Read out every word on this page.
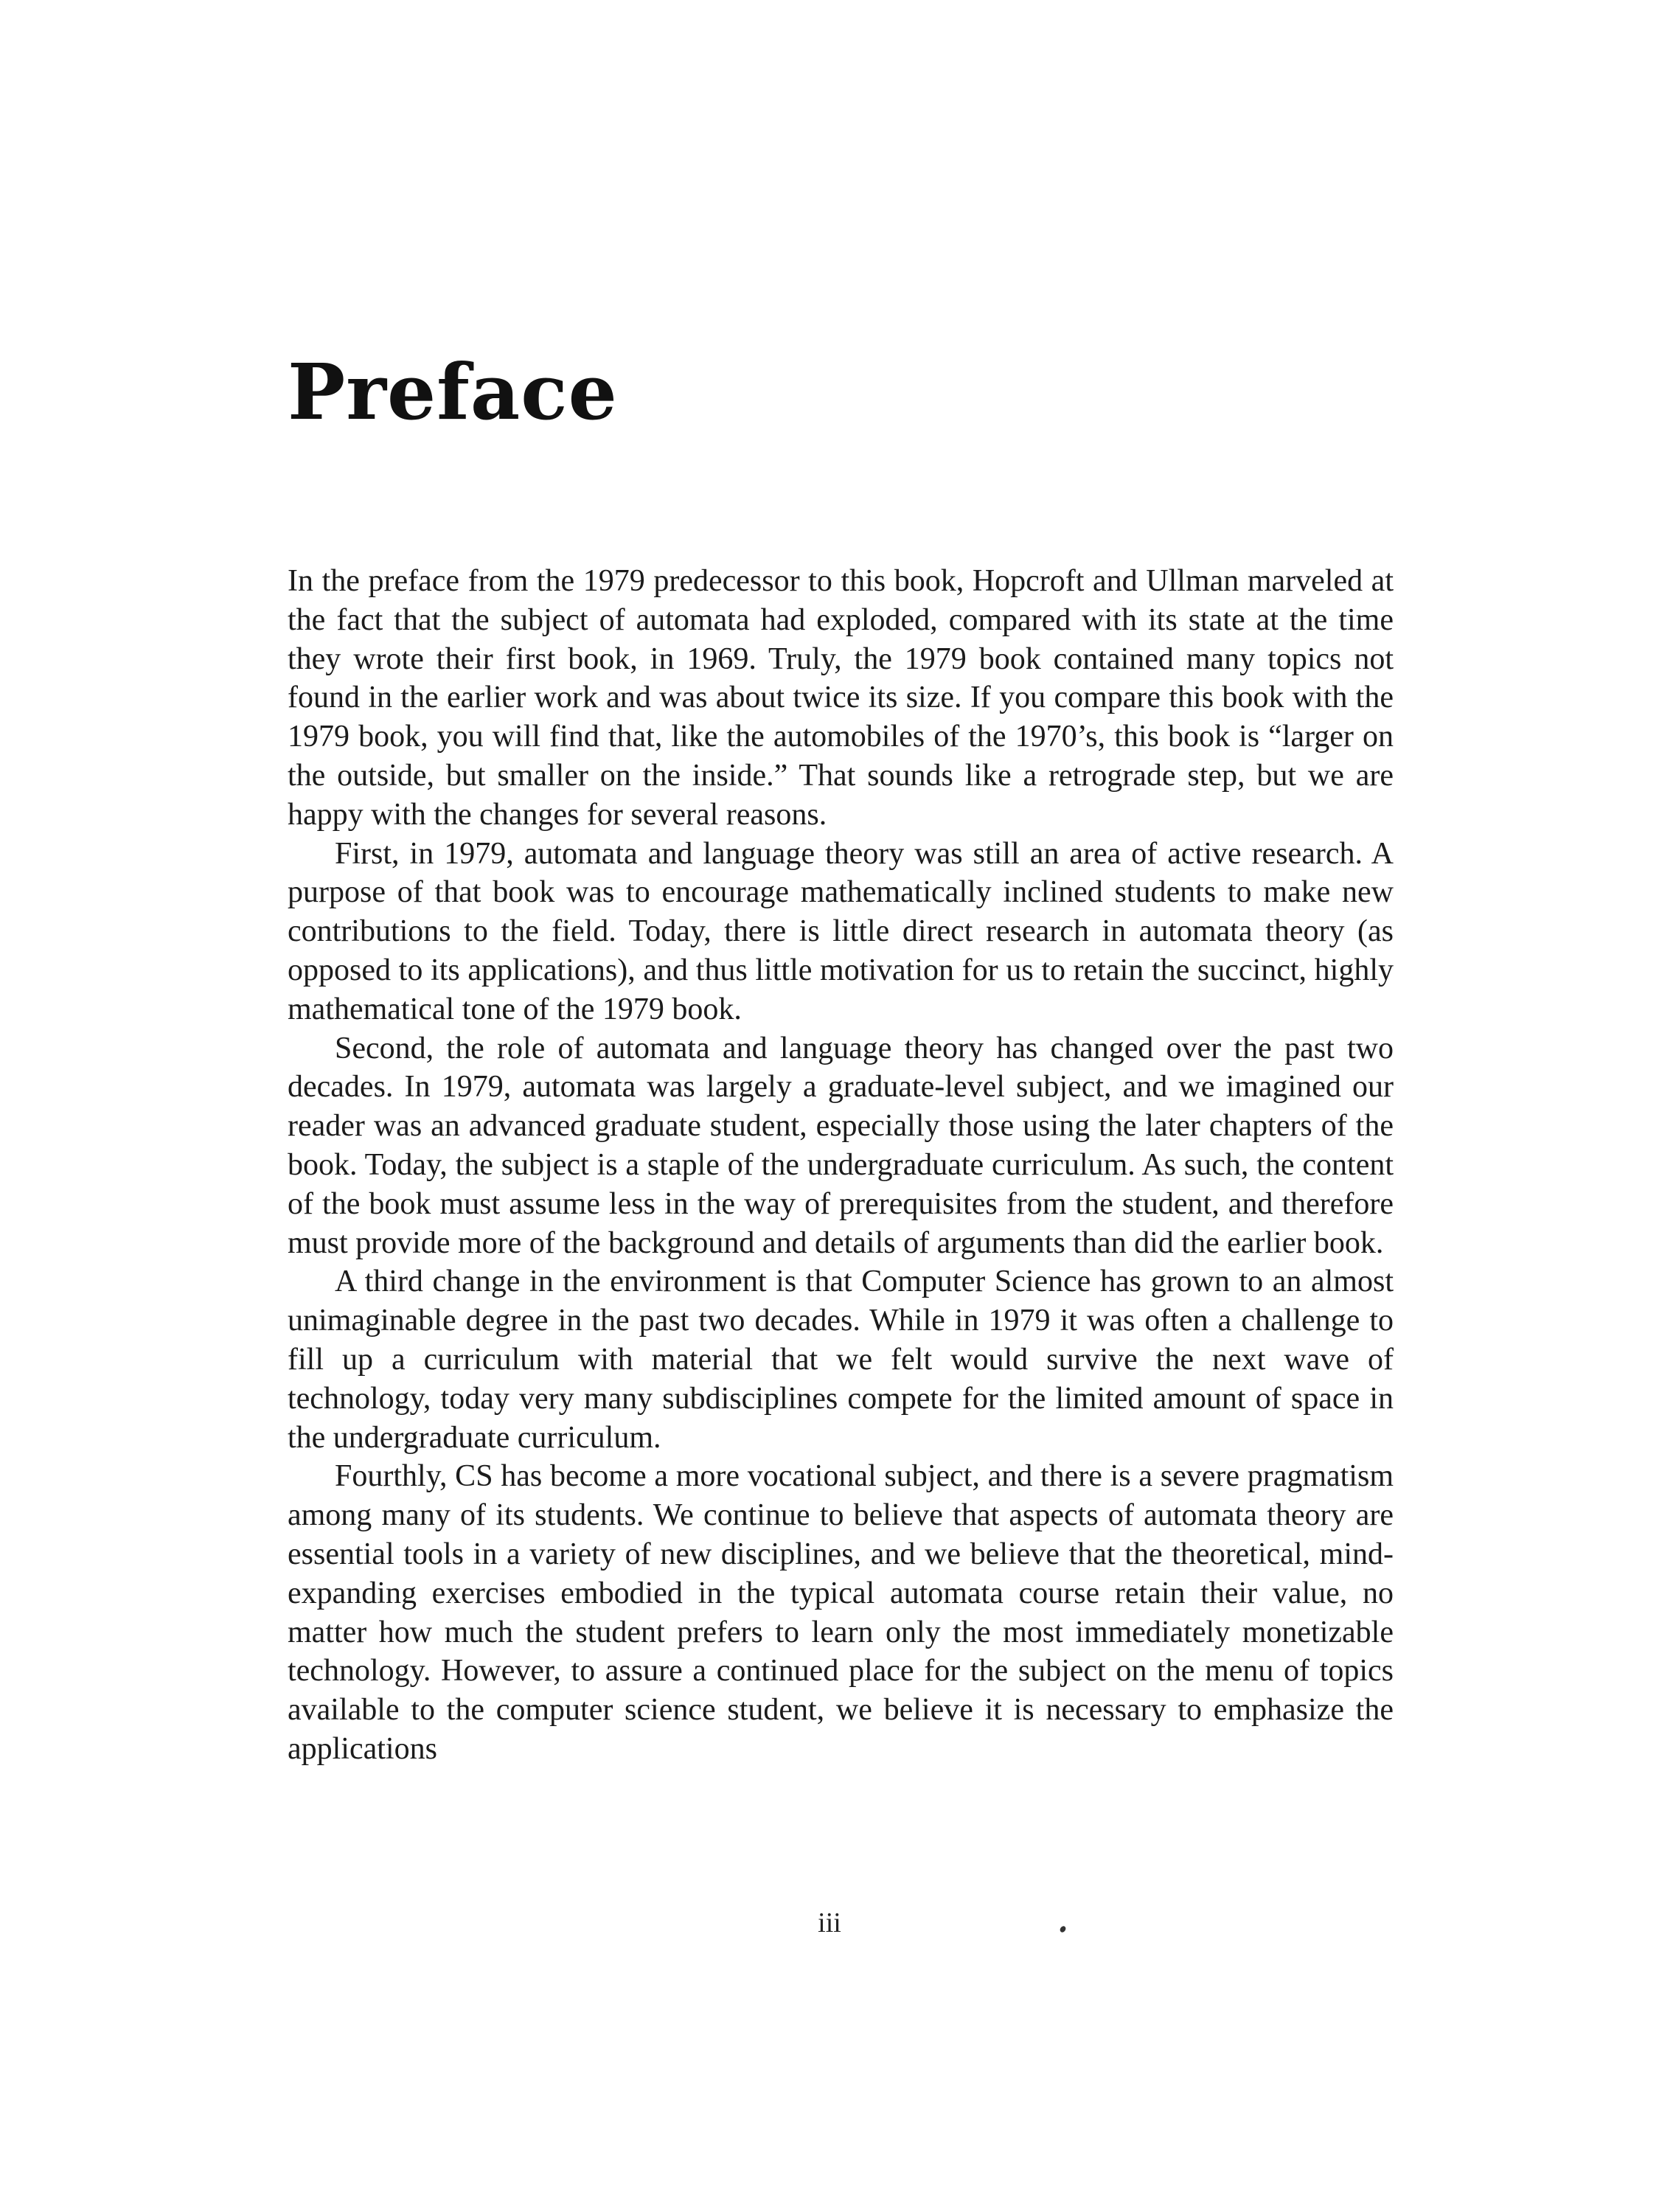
Preface

In the preface from the 1979 predecessor to this book, Hopcroft and Ullman marveled at the fact that the subject of automata had exploded, compared with its state at the time they wrote their first book, in 1969. Truly, the 1979 book contained many topics not found in the earlier work and was about twice its size. If you compare this book with the 1979 book, you will find that, like the automobiles of the 1970’s, this book is “larger on the outside, but smaller on the inside.” That sounds like a retrograde step, but we are happy with the changes for several reasons.

First, in 1979, automata and language theory was still an area of active research. A purpose of that book was to encourage mathematically inclined students to make new contributions to the field. Today, there is little direct research in automata theory (as opposed to its applications), and thus little motivation for us to retain the succinct, highly mathematical tone of the 1979 book.

Second, the role of automata and language theory has changed over the past two decades. In 1979, automata was largely a graduate-level subject, and we imagined our reader was an advanced graduate student, especially those using the later chapters of the book. Today, the subject is a staple of the undergraduate curriculum. As such, the content of the book must assume less in the way of prerequisites from the student, and therefore must provide more of the background and details of arguments than did the earlier book.

A third change in the environment is that Computer Science has grown to an almost unimaginable degree in the past two decades. While in 1979 it was often a challenge to fill up a curriculum with material that we felt would survive the next wave of technology, today very many subdisciplines compete for the limited amount of space in the undergraduate curriculum.

Fourthly, CS has become a more vocational subject, and there is a severe pragmatism among many of its students. We continue to believe that aspects of automata theory are essential tools in a variety of new disciplines, and we believe that the theoretical, mind-expanding exercises embodied in the typical automata course retain their value, no matter how much the student prefers to learn only the most immediately monetizable technology. However, to assure a continued place for the subject on the menu of topics available to the computer science student, we believe it is necessary to emphasize the applications

iii
